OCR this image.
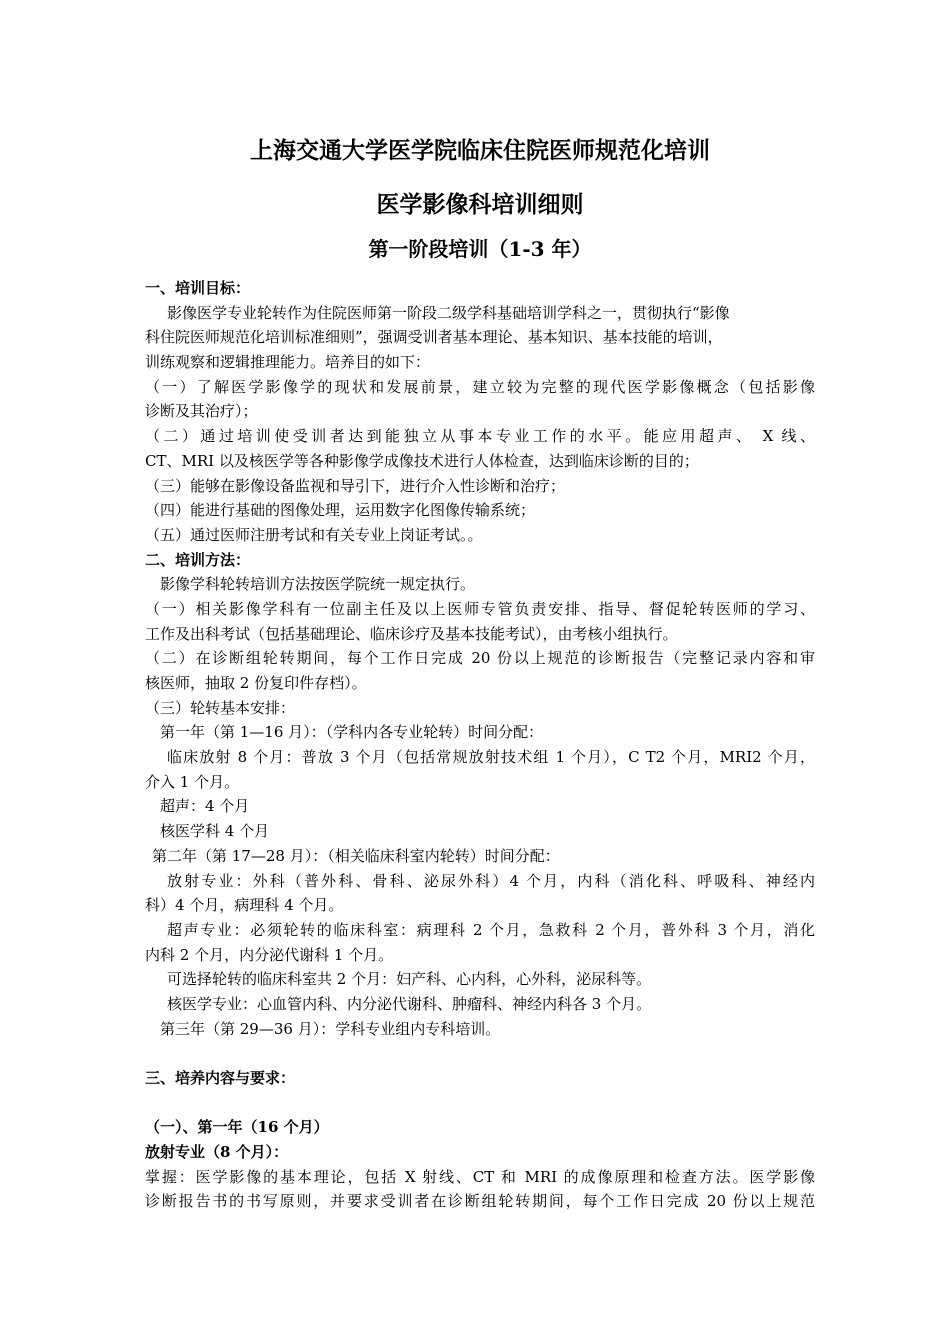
上海交通大学医学院临床住院医师规范化培训

医学影像科培训细则

第一阶段培训（1-3 年）

一、培训目标：

影像医学专业轮转作为住院医师第一阶段二级学科基础培训学科之一，贯彻执行“影像

科住院医师规范化培训标准细则”，强调受训者基本理论、基本知识、基本技能的培训，

训练观察和逻辑推理能力。培养目的如下：

（一）了解医学影像学的现状和发展前景，建立较为完整的现代医学影像概念（包括影像

诊断及其治疗）；

（二）通过培训使受训者达到能独立从事本专业工作的水平。能应用超声、 X 线、

CT、MRI 以及核医学等各种影像学成像技术进行人体检查，达到临床诊断的目的；

（三）能够在影像设备监视和导引下，进行介入性诊断和治疗；

（四）能进行基础的图像处理，运用数字化图像传输系统；

（五）通过医师注册考试和有关专业上岗证考试。。

二、培训方法：

影像学科轮转培训方法按医学院统一规定执行。

（一）相关影像学科有一位副主任及以上医师专管负责安排、指导、督促轮转医师的学习、

工作及出科考试（包括基础理论、临床诊疗及基本技能考试），由考核小组执行。

（二）在诊断组轮转期间，每个工作日完成 20 份以上规范的诊断报告（完整记录内容和审

核医师，抽取 2 份复印件存档）。

（三）轮转基本安排：

第一年（第 1—16 月）：（学科内各专业轮转）时间分配：

临床放射 8 个月：普放 3 个月（包括常规放射技术组 1 个月），C T2 个月，MRI2 个月，

介入 1 个月。

超声：4 个月

核医学科 4 个月

第二年（第 17—28 月）：（相关临床科室内轮转）时间分配：

放射专业：外科（普外科、骨科、泌尿外科）4 个月，内科（消化科、呼吸科、神经内

科）4 个月，病理科 4 个月。

超声专业：必须轮转的临床科室：病理科 2 个月，急救科 2 个月，普外科 3 个月，消化

内科 2 个月，内分泌代谢科 1 个月。

可选择轮转的临床科室共 2 个月：妇产科、心内科，心外科，泌尿科等。

核医学专业：心血管内科、内分泌代谢科、肿瘤科、神经内科各 3 个月。

第三年（第 29—36 月）：学科专业组内专科培训。

三、培养内容与要求：

（一）、第一年（16 个月）

放射专业（8 个月）：

掌握：医学影像的基本理论，包括 X 射线、CT 和 MRI 的成像原理和检查方法。医学影像

诊断报告书的书写原则，并要求受训者在诊断组轮转期间，每个工作日完成 20 份以上规范
